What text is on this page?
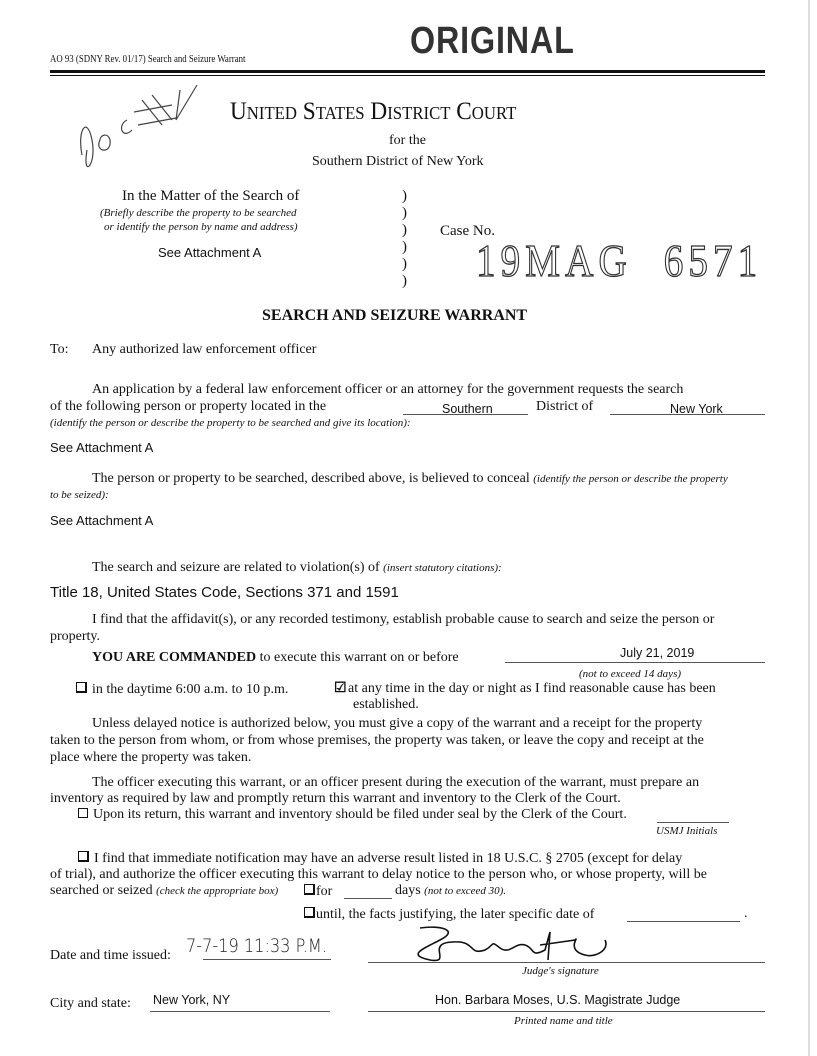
AO 93 (SDNY Rev. 01/17) Search and Seizure Warrant	ORIGINAL
United States District Court
for the
Southern District of New York
In the Matter of the Search of
(Briefly describe the property to be searched
or identify the person by name and address)
See Attachment A
)
)
)
)
)
)
Case No.
19MAG 6571
SEARCH AND SEIZURE WARRANT
To: Any authorized law enforcement officer
An application by a federal law enforcement officer or an attorney for the government requests the search
of the following person or property located in the	Southern	District of	New York
(identify the person or describe the property to be searched and give its location):
See Attachment A
The person or property to be searched, described above, is believed to conceal (identify the person or describe the property
to be seized):
See Attachment A
The search and seizure are related to violation(s) of (insert statutory citations):
Title 18, United States Code, Sections 371 and 1591
I find that the affidavit(s), or any recorded testimony, establish probable cause to search and seize the person or
property.
YOU ARE COMMANDED to execute this warrant on or before	July 21, 2019
(not to exceed 14 days)
in the daytime 6:00 a.m. to 10 p.m.	☑at any time in the day or night as I find reasonable cause has been
established.
Unless delayed notice is authorized below, you must give a copy of the warrant and a receipt for the property
taken to the person from whom, or from whose premises, the property was taken, or leave the copy and receipt at the
place where the property was taken.
The officer executing this warrant, or an officer present during the execution of the warrant, must prepare an
inventory as required by law and promptly return this warrant and inventory to the Clerk of the Court.
Upon its return, this warrant and inventory should be filed under seal by the Clerk of the Court.
USMJ Initials
I find that immediate notification may have an adverse result listed in 18 U.S.C. § 2705 (except for delay
of trial), and authorize the officer executing this warrant to delay notice to the person who, or whose property, will be
searched or seized (check the appropriate box)	for	days (not to exceed 30).
until, the facts justifying, the later specific date of	.
Date and time issued: 7-7-19 11:33 P.M.
Judge's signature
City and state: New York, NY	Hon. Barbara Moses, U.S. Magistrate Judge
Printed name and title
